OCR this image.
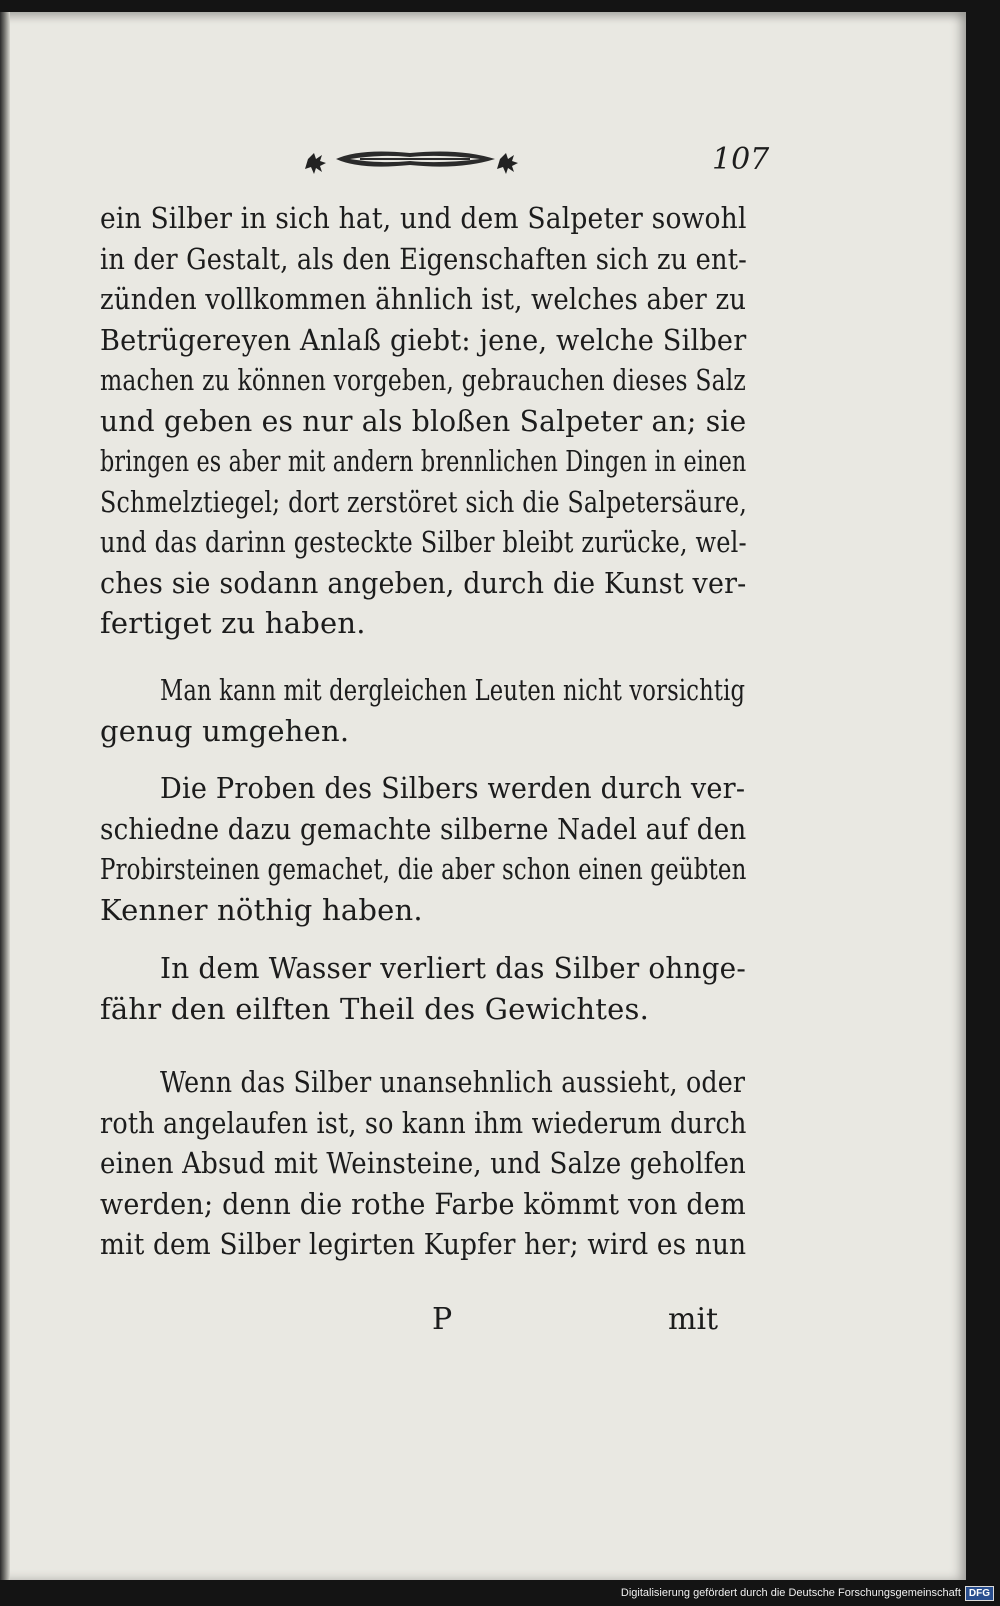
107

ein Silber in sich hat, und dem Salpeter sowohl

in der Gestalt, als den Eigenschaften sich zu ent-

zünden vollkommen ähnlich ist, welches aber zu

Betrügereyen Anlaß giebt: jene, welche Silber

machen zu können vorgeben, gebrauchen dieses Salz

und geben es nur als bloßen Salpeter an; sie

bringen es aber mit andern brennlichen Dingen in einen

Schmelztiegel; dort zerstöret sich die Salpetersäure,

und das darinn gesteckte Silber bleibt zurücke, wel-

ches sie sodann angeben, durch die Kunst ver-

fertiget zu haben.

Man kann mit dergleichen Leuten nicht vorsichtig

genug umgehen.

Die Proben des Silbers werden durch ver-

schiedne dazu gemachte silberne Nadel auf den

Probirsteinen gemachet, die aber schon einen geübten

Kenner nöthig haben.

In dem Wasser verliert das Silber ohnge-

fähr den eilften Theil des Gewichtes.

Wenn das Silber unansehnlich aussieht, oder

roth angelaufen ist, so kann ihm wiederum durch

einen Absud mit Weinsteine, und Salze geholfen

werden; denn die rothe Farbe kömmt von dem

mit dem Silber legirten Kupfer her; wird es nun

P	mit
Digitalisierung gefördert durch die Deutsche Forschungsgemeinschaft DFG
